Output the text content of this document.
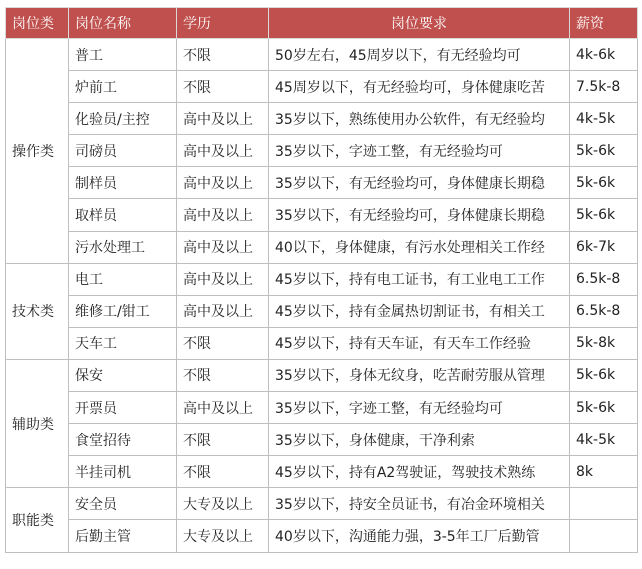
岗位类	岗位名称	学历	岗位要求	薪资
操作类	普工	不限	50岁左右，45周岁以下，有无经验均可	4k-6k
	炉前工	不限	45周岁以下，有无经验均可，身体健康吃苦	7.5k-8
	化验员/主控	高中及以上	35岁以下，熟练使用办公软件，有无经验均	4k-5k
	司磅员	高中及以上	35岁以下，字迹工整，有无经验均可	5k-6k
	制样员	高中及以上	35岁以下，有无经验均可，身体健康长期稳	5k-6k
	取样员	高中及以上	35岁以下，有无经验均可，身体健康长期稳	5k-6k
	污水处理工	高中及以上	40以下，身体健康，有污水处理相关工作经	6k-7k
技术类	电工	高中及以上	45岁以下，持有电工证书，有工业电工工作	6.5k-8
	维修工/钳工	高中及以上	45岁以下，持有金属热切割证书，有相关工	6.5k-8
	天车工	不限	45岁以下，持有天车证，有天车工作经验	5k-8k
辅助类	保安	不限	35岁以下，身体无纹身，吃苦耐劳服从管理	5k-6k
	开票员	高中及以上	35岁以下，字迹工整，有无经验均可	5k-6k
	食堂招待	不限	35岁以下，身体健康，干净利索	4k-5k
	半挂司机	不限	45岁以下，持有A2驾驶证，驾驶技术熟练	8k
职能类	安全员	大专及以上	35岁以下，持安全员证书，有冶金环境相关	
	后勤主管	大专及以上	40岁以下，沟通能力强，3-5年工厂后勤管	
